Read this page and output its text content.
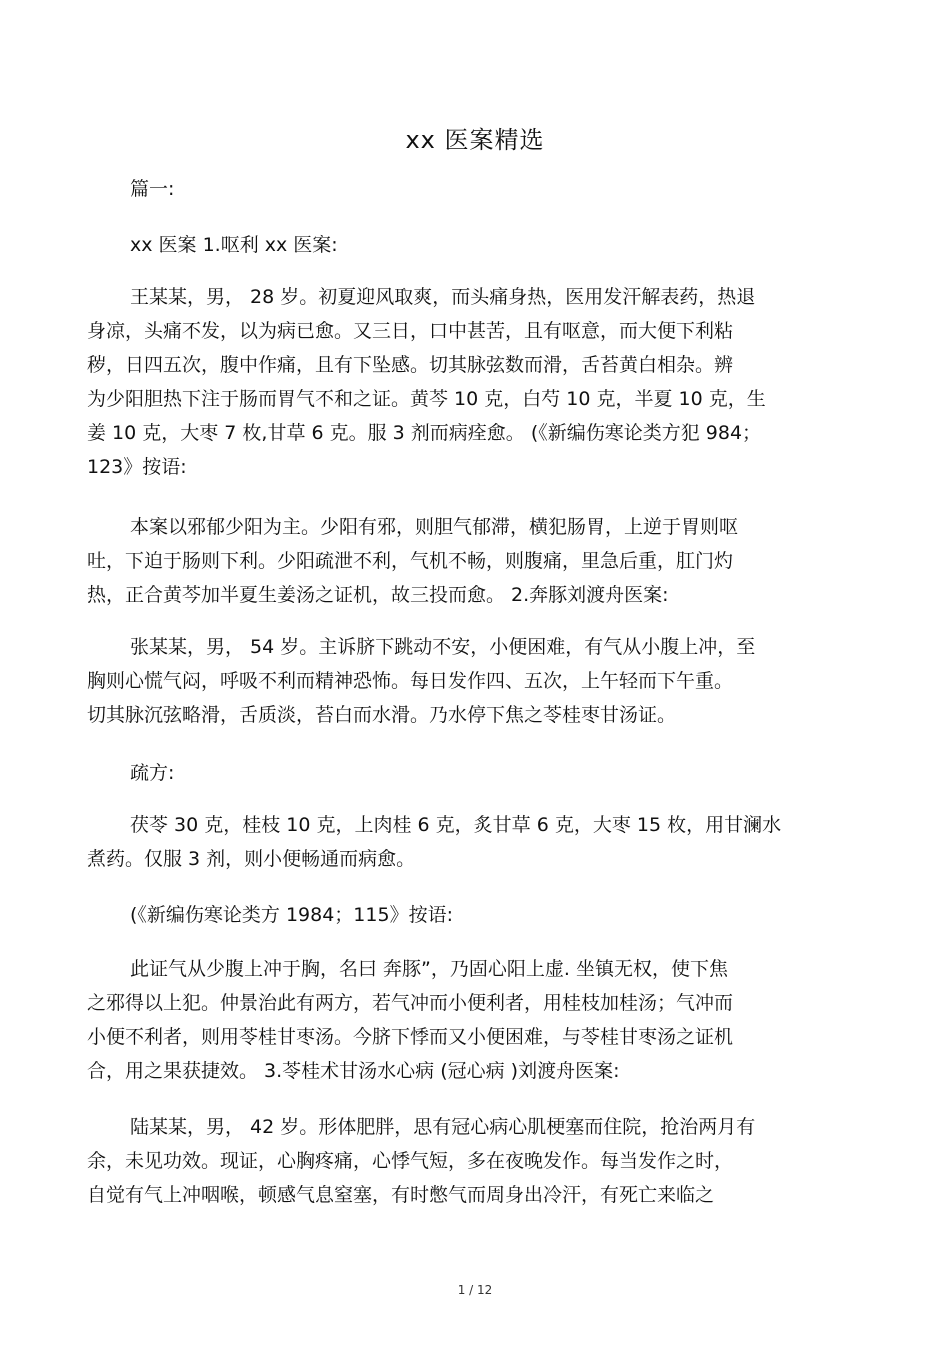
xx 医案精选
篇一:
xx 医案 1.呕利 xx 医案:
王某某，男， 28 岁。初夏迎风取爽，而头痛身热，医用发汗解表药，热退
身凉，头痛不发，以为病已愈。又三日，口中甚苦，且有呕意，而大便下利粘
秽，日四五次，腹中作痛，且有下坠感。切其脉弦数而滑，舌苔黄白相杂。辨
为少阳胆热下注于肠而胃气不和之证。黄芩 10 克，白芍 10 克，半夏 10 克，生
姜 10 克，大枣 7 枚,甘草 6 克。服 3 剂而病痊愈。 (《新编伤寒论类方犯 984；
123》按语:
本案以邪郁少阳为主。少阳有邪，则胆气郁滞，横犯肠胃，上逆于胃则呕
吐，下迫于肠则下利。少阳疏泄不利，气机不畅，则腹痛，里急后重，肛门灼
热，正合黄芩加半夏生姜汤之证机，故三投而愈。 2.奔豚刘渡舟医案:
张某某，男， 54 岁。主诉脐下跳动不安，小便困难，有气从小腹上冲，至
胸则心慌气闷，呼吸不利而精神恐怖。每日发作四、五次，上午轻而下午重。
切其脉沉弦略滑，舌质淡，苔白而水滑。乃水停下焦之苓桂枣甘汤证。
疏方:
茯苓 30 克，桂枝 10 克，上肉桂 6 克，炙甘草 6 克，大枣 15 枚，用甘澜水
煮药。仅服 3 剂，则小便畅通而病愈。
(《新编伤寒论类方 1984；115》按语:
此证气从少腹上冲于胸，名曰 奔豚”，乃固心阳上虚. 坐镇无权，使下焦
之邪得以上犯。仲景治此有两方，若气冲而小便利者，用桂枝加桂汤；气冲而
小便不利者，则用苓桂甘枣汤。今脐下悸而又小便困难，与苓桂甘枣汤之证机
合，用之果获捷效。 3.苓桂术甘汤水心病 (冠心病 )刘渡舟医案:
陆某某，男， 42 岁。形体肥胖，思有冠心病心肌梗塞而住院，抢治两月有
余，未见功效。现证，心胸疼痛，心悸气短，多在夜晚发作。每当发作之时，
自觉有气上冲咽喉，顿感气息窒塞，有时憋气而周身出冷汗，有死亡来临之
1 / 12
